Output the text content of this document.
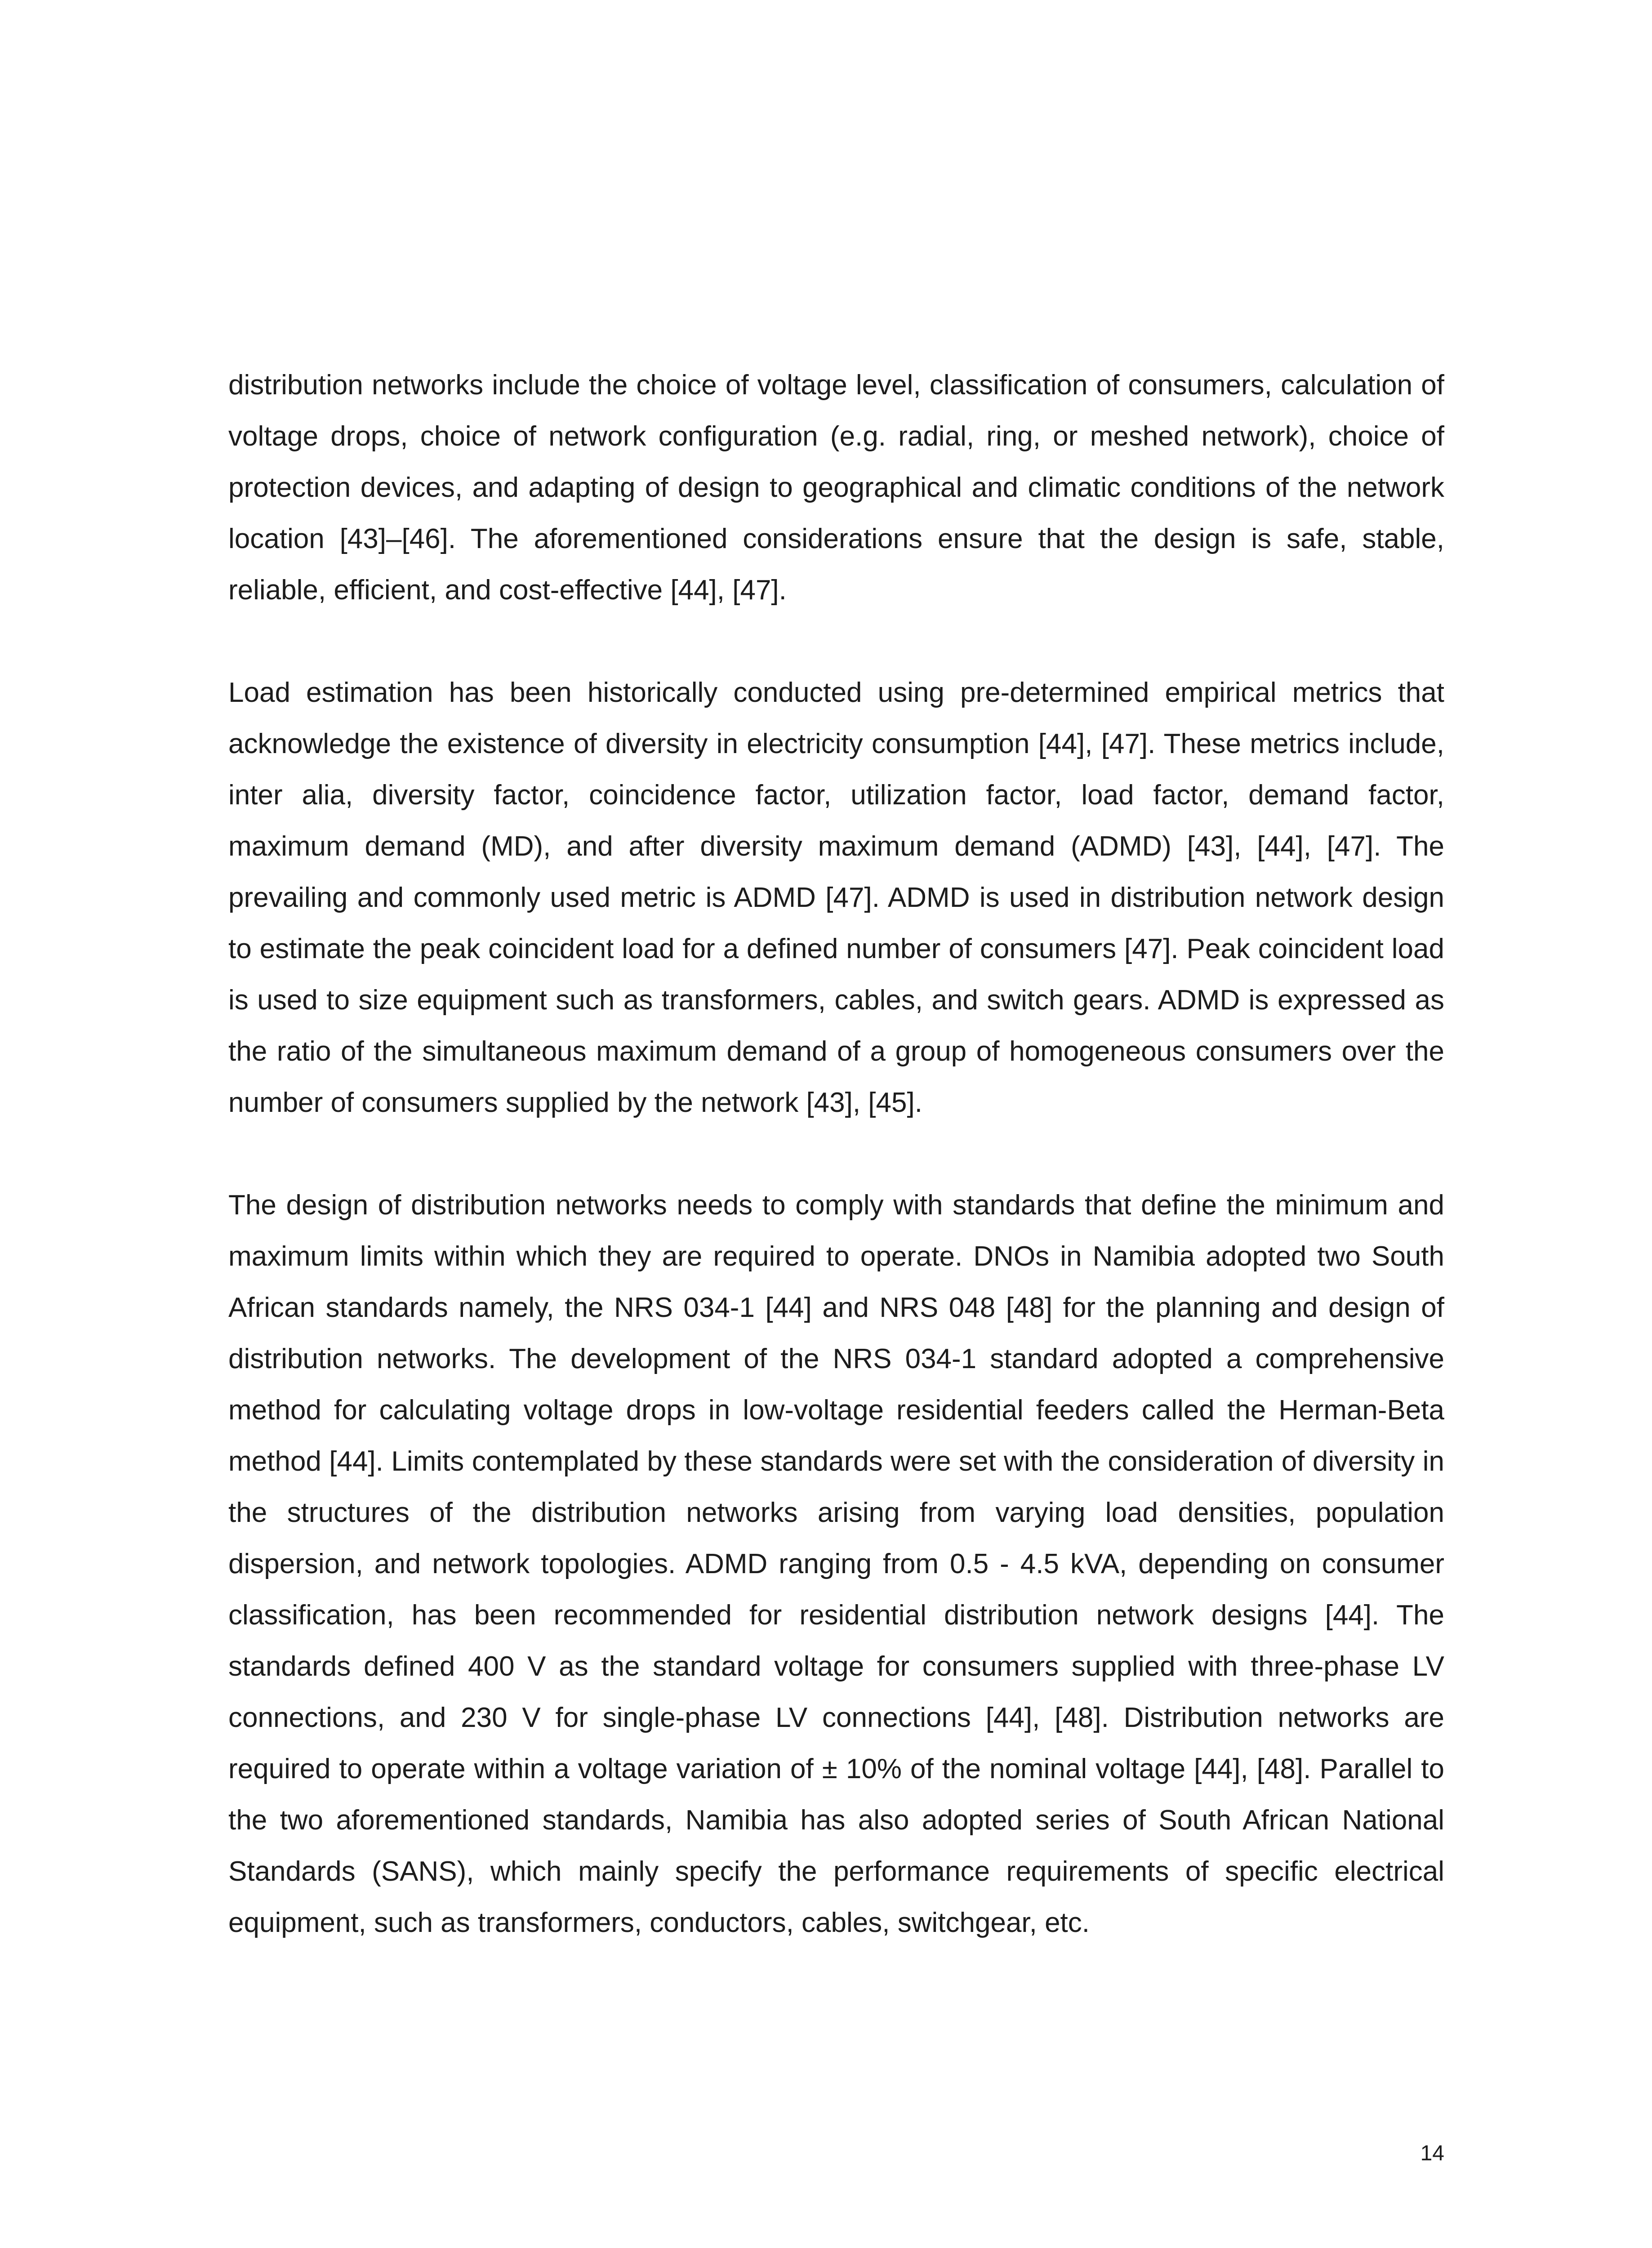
distribution networks include the choice of voltage level, classification of consumers, calculation of voltage drops, choice of network configuration (e.g. radial, ring, or meshed network), choice of protection devices, and adapting of design to geographical and climatic conditions of the network location [43]–[46]. The aforementioned considerations ensure that the design is safe, stable, reliable, efficient, and cost-effective [44], [47].

Load estimation has been historically conducted using pre-determined empirical metrics that acknowledge the existence of diversity in electricity consumption [44], [47]. These metrics include, inter alia, diversity factor, coincidence factor, utilization factor, load factor, demand factor, maximum demand (MD), and after diversity maximum demand (ADMD) [43], [44], [47]. The prevailing and commonly used metric is ADMD [47]. ADMD is used in distribution network design to estimate the peak coincident load for a defined number of consumers [47]. Peak coincident load is used to size equipment such as transformers, cables, and switch gears. ADMD is expressed as the ratio of the simultaneous maximum demand of a group of homogeneous consumers over the number of consumers supplied by the network [43], [45].

The design of distribution networks needs to comply with standards that define the minimum and maximum limits within which they are required to operate. DNOs in Namibia adopted two South African standards namely, the NRS 034-1 [44] and NRS 048 [48] for the planning and design of distribution networks. The development of the NRS 034-1 standard adopted a comprehensive method for calculating voltage drops in low-voltage residential feeders called the Herman-Beta method [44]. Limits contemplated by these standards were set with the consideration of diversity in the structures of the distribution networks arising from varying load densities, population dispersion, and network topologies. ADMD ranging from 0.5 - 4.5 kVA, depending on consumer classification, has been recommended for residential distribution network designs [44]. The standards defined 400 V as the standard voltage for consumers supplied with three-phase LV connections, and 230 V for single-phase LV connections [44], [48]. Distribution networks are required to operate within a voltage variation of ± 10% of the nominal voltage [44], [48]. Parallel to the two aforementioned standards, Namibia has also adopted series of South African National Standards (SANS), which mainly specify the performance requirements of specific electrical equipment, such as transformers, conductors, cables, switchgear, etc.

14
